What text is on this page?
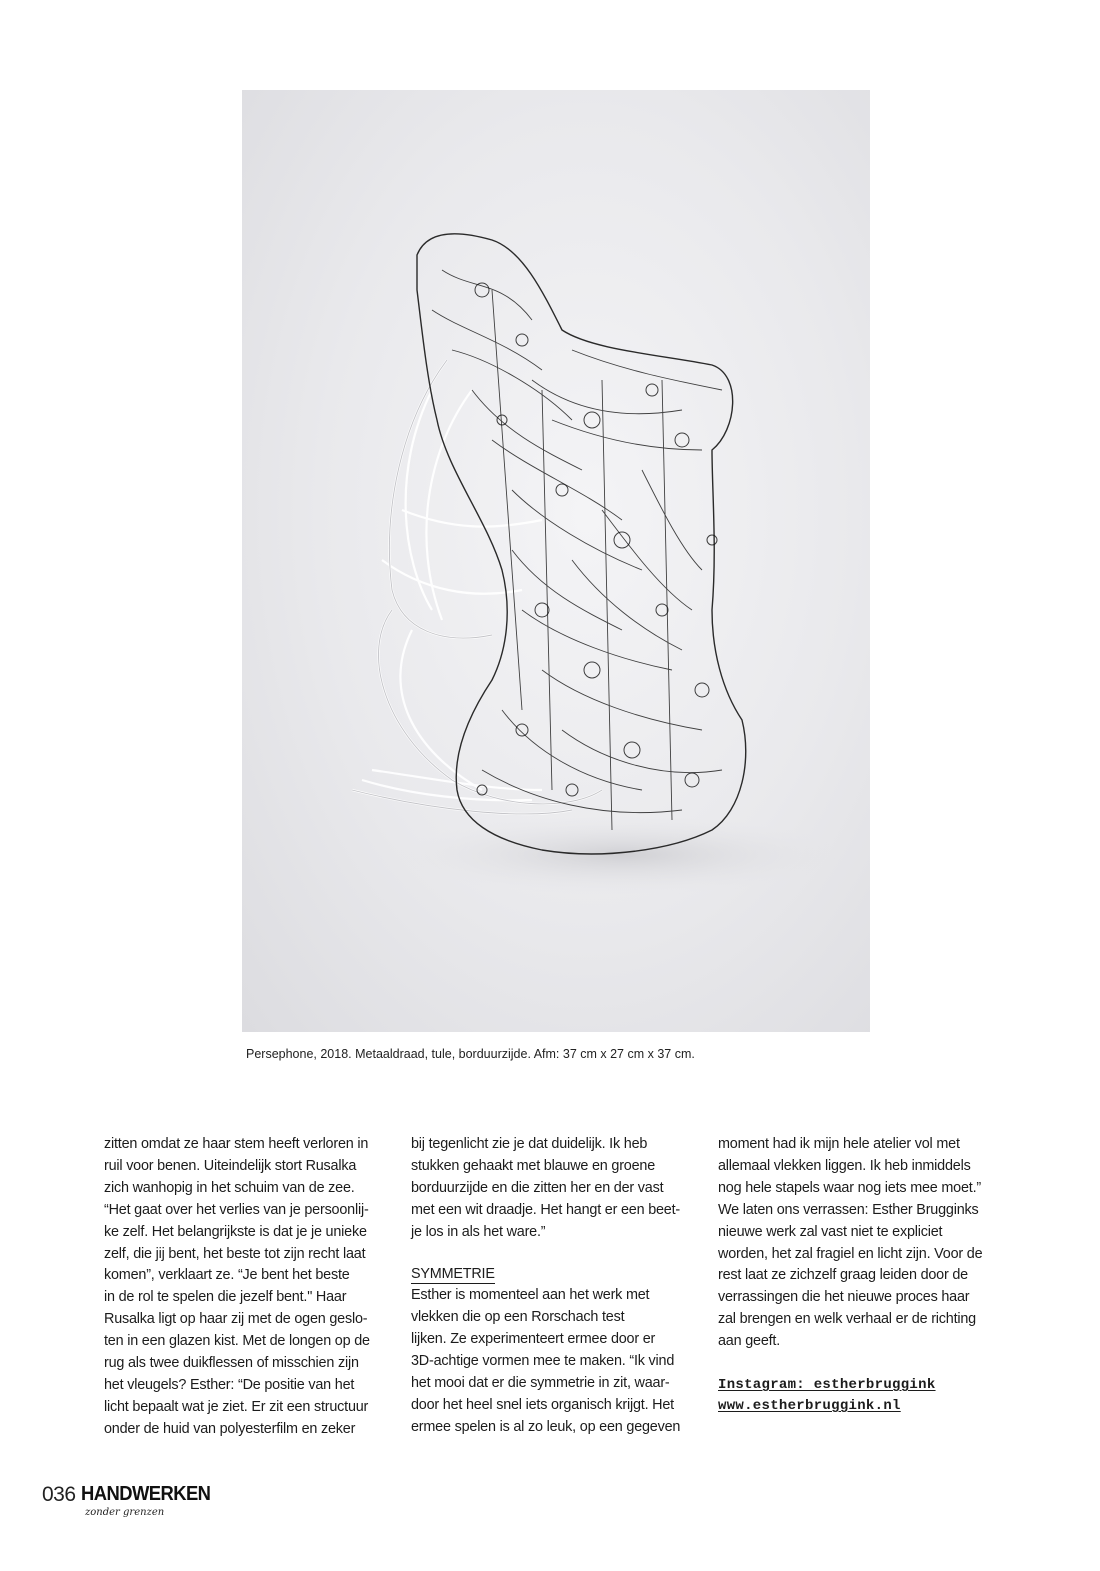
Persephone, 2018. Metaaldraad, tule, borduurzijde. Afm: 37 cm x 27 cm x 37 cm.

zitten omdat ze haar stem heeft verloren in
ruil voor benen. Uiteindelijk stort Rusalka
zich wanhopig in het schuim van de zee.
“Het gaat over het verlies van je persoonlij-
ke zelf. Het belangrijkste is dat je je unieke
zelf, die jij bent, het beste tot zijn recht laat
komen”, verklaart ze. “Je bent het beste
in de rol te spelen die jezelf bent." Haar
Rusalka ligt op haar zij met de ogen geslo-
ten in een glazen kist. Met de longen op de
rug als twee duikflessen of misschien zijn
het vleugels? Esther: “De positie van het
licht bepaalt wat je ziet. Er zit een structuur
onder de huid van polyesterfilm en zeker

bij tegenlicht zie je dat duidelijk. Ik heb
stukken gehaakt met blauwe en groene
borduurzijde en die zitten her en der vast
met een wit draadje. Het hangt er een beet-
je los in als het ware.”

SYMMETRIE

Esther is momenteel aan het werk met
vlekken die op een Rorschach test
lijken. Ze experimenteert ermee door er
3D-achtige vormen mee te maken. “Ik vind
het mooi dat er die symmetrie in zit, waar-
door het heel snel iets organisch krijgt. Het
ermee spelen is al zo leuk, op een gegeven

moment had ik mijn hele atelier vol met
allemaal vlekken liggen. Ik heb inmiddels
nog hele stapels waar nog iets mee moet.”
We laten ons verrassen: Esther Brugginks
nieuwe werk zal vast niet te expliciet
worden, het zal fragiel en licht zijn. Voor de
rest laat ze zichzelf graag leiden door de
verrassingen die het nieuwe proces haar
zal brengen en welk verhaal er de richting
aan geeft.

Instagram: estherbruggink
www.estherbruggink.nl
036 HANDWERKEN
zonder grenzen
